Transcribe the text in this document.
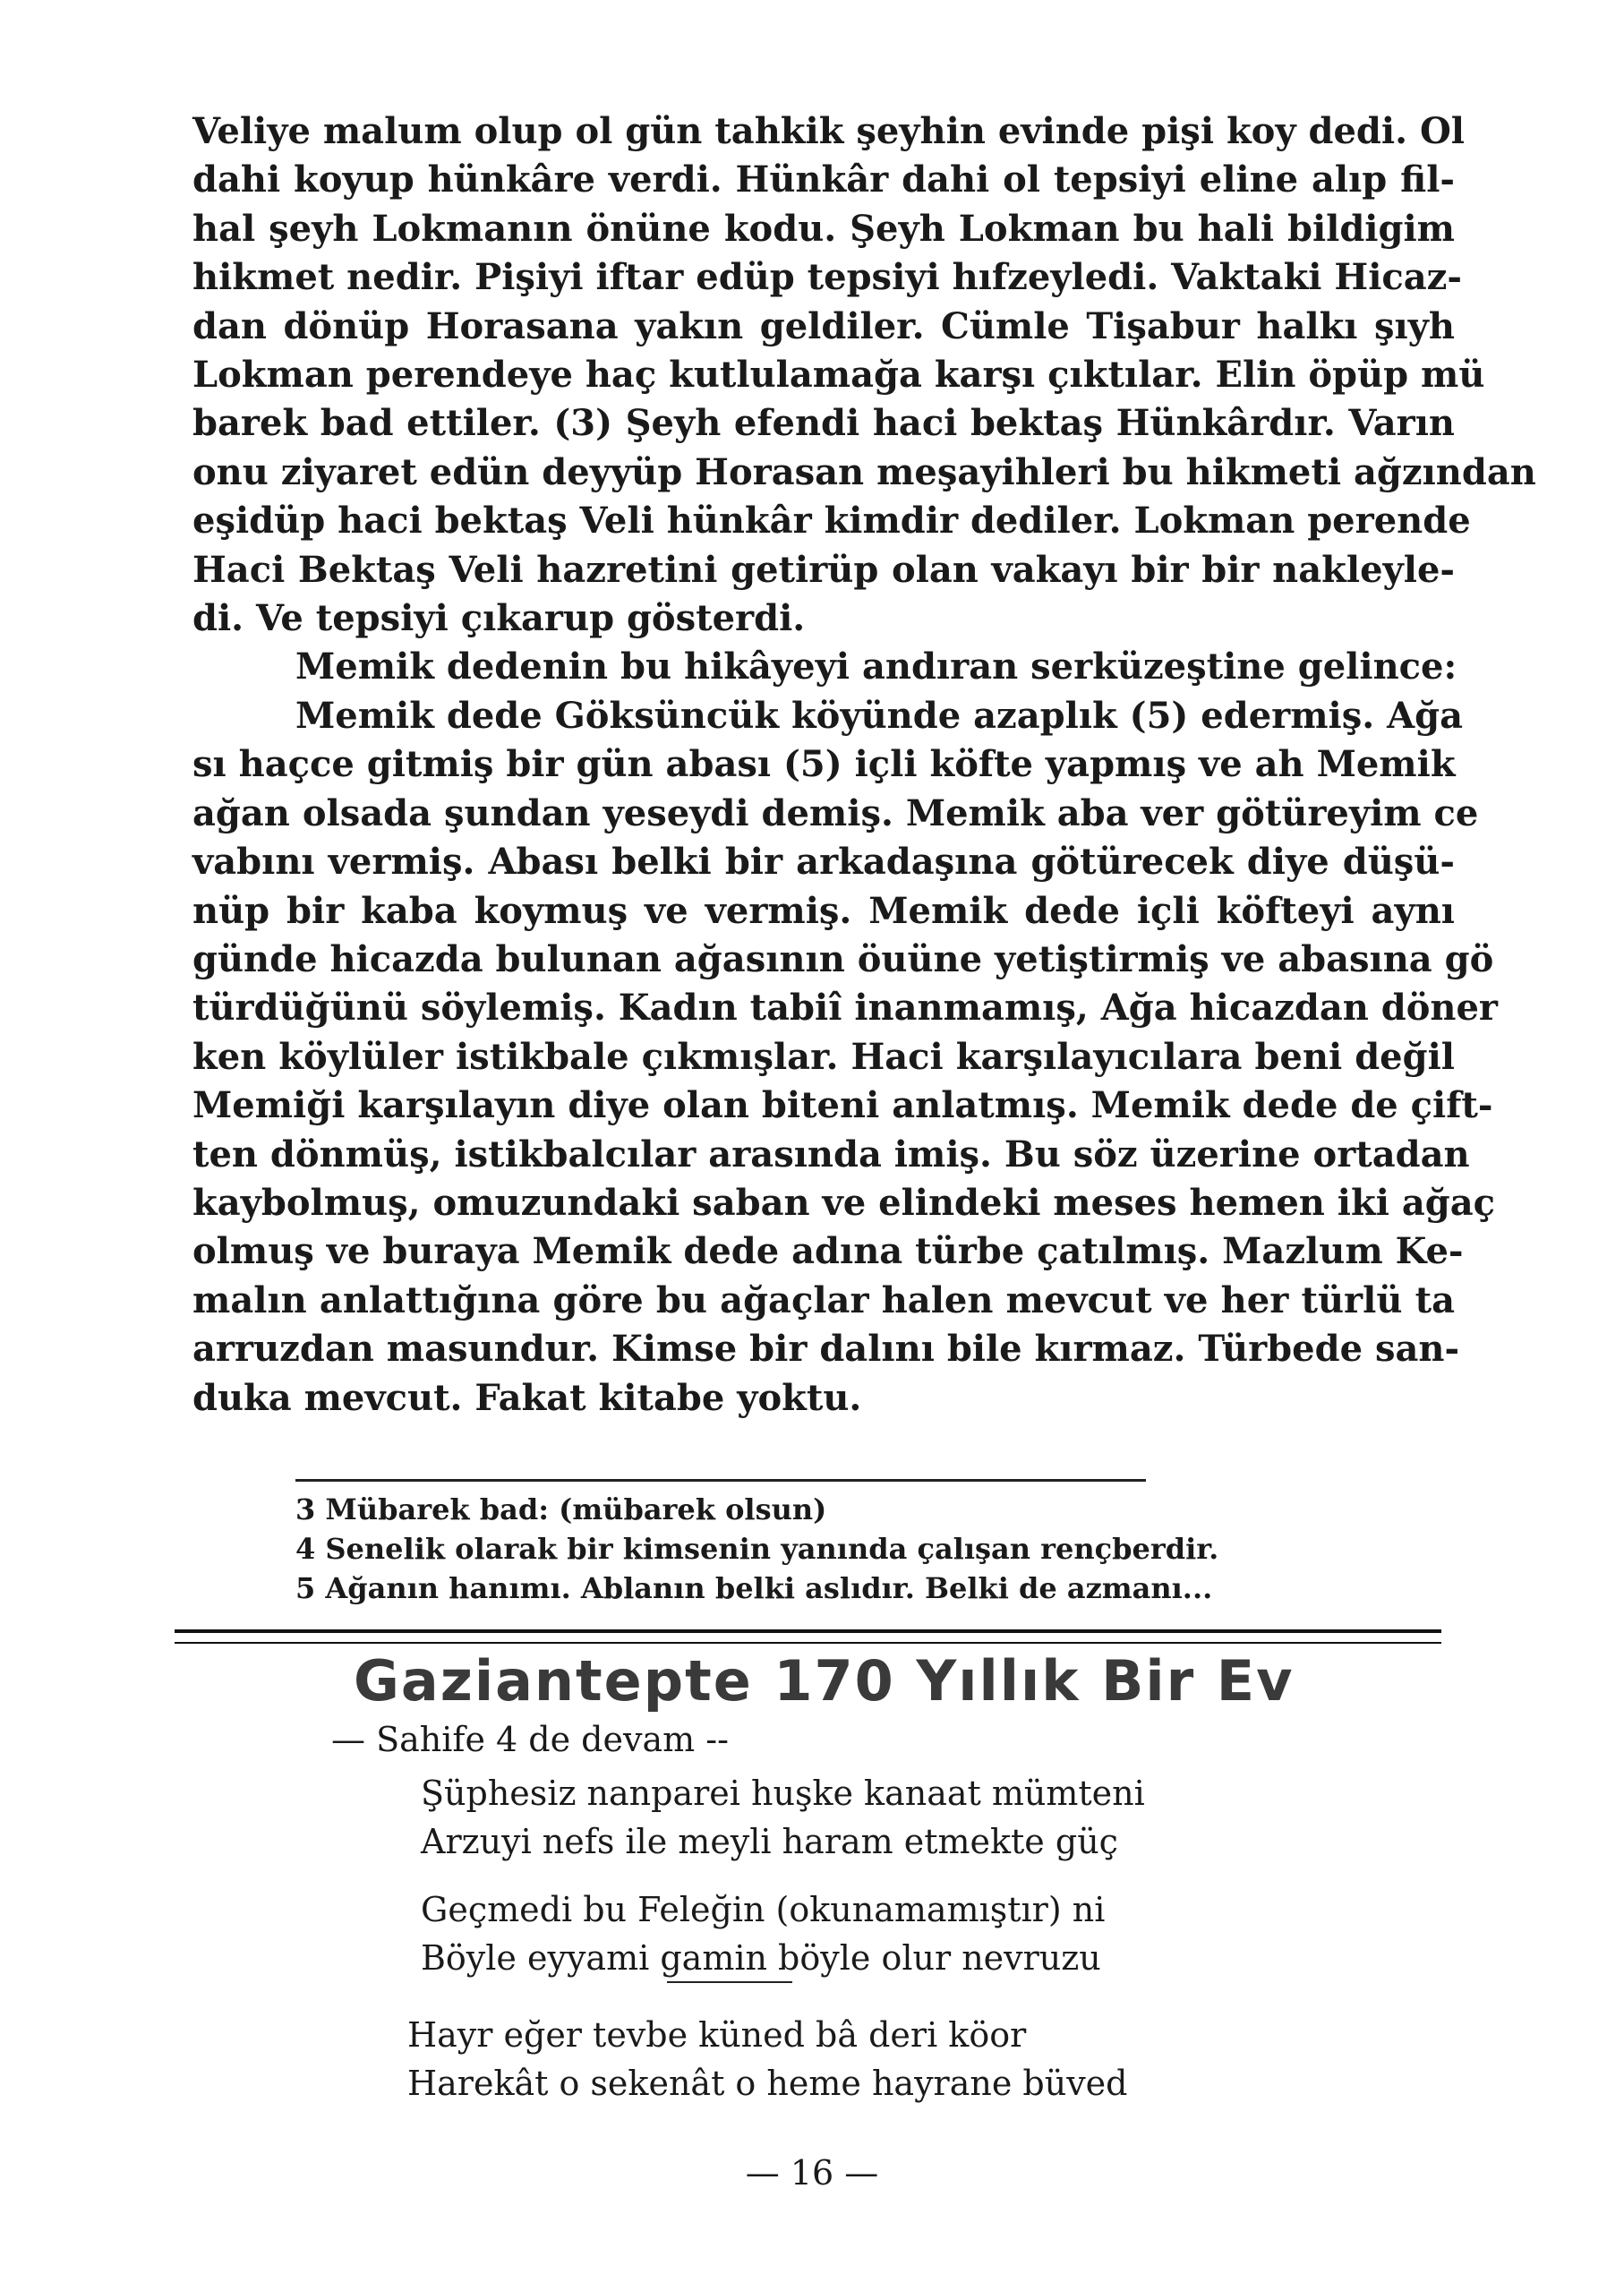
Veliye malum olup ol gün tahkik şeyhin evinde pişi koy dedi. Ol
dahi koyup hünkâre verdi. Hünkâr dahi ol tepsiyi eline alıp fil-
hal şeyh Lokmanın önüne kodu. Şeyh Lokman bu hali bildigim
hikmet nedir. Pişiyi iftar edüp tepsiyi hıfzeyledi. Vaktaki Hicaz-
dan dönüp Horasana yakın geldiler. Cümle Tişabur halkı şıyh
Lokman perendeye haç kutlulamağa karşı çıktılar. Elin öpüp mü
barek bad ettiler. (3) Şeyh efendi haci bektaş Hünkârdır. Varın
onu ziyaret edün deyyüp Horasan meşayihleri bu hikmeti ağzından
eşidüp haci bektaş Veli hünkâr kimdir dediler. Lokman perende
Haci Bektaş Veli hazretini getirüp olan vakayı bir bir nakleyle-
di. Ve tepsiyi çıkarup gösterdi.
Memik dedenin bu hikâyeyi andıran serküzeştine gelince:
Memik dede Göksüncük köyünde azaplık (5) edermiş. Ağa
sı haçce gitmiş bir gün abası (5) içli köfte yapmış ve ah Memik
ağan olsada şundan yeseydi demiş. Memik aba ver götüreyim ce
vabını vermiş. Abası belki bir arkadaşına götürecek diye düşü-
nüp bir kaba koymuş ve vermiş. Memik dede içli köfteyi aynı
günde hicazda bulunan ağasının öuüne yetiştirmiş ve abasına gö
türdüğünü söylemiş. Kadın tabiî inanmamış, Ağa hicazdan döner
ken köylüler istikbale çıkmışlar. Haci karşılayıcılara beni değil
Memiği karşılayın diye olan biteni anlatmış. Memik dede de çift-
ten dönmüş, istikbalcılar arasında imiş. Bu söz üzerine ortadan
kaybolmuş, omuzundaki saban ve elindeki meses hemen iki ağaç
olmuş ve buraya Memik dede adına türbe çatılmış. Mazlum Ke-
malın anlattığına göre bu ağaçlar halen mevcut ve her türlü ta
arruzdan masundur. Kimse bir dalını bile kırmaz. Türbede san-
duka mevcut. Fakat kitabe yoktu.
3 Mübarek bad: (mübarek olsun)
4 Senelik olarak bir kimsenin yanında çalışan rençberdir.
5 Ağanın hanımı. Ablanın belki aslıdır. Belki de azmanı...
Gaziantepte 170 Yıllık Bir Ev
— Sahife 4 de devam --
Şüphesiz nanparei huşke kanaat mümteni
Arzuyi nefs ile meyli haram etmekte güç
Geçmedi bu Feleğin (okunamamıştır) ni
Böyle eyyami gamin böyle olur nevruzu
Hayr eğer tevbe küned bâ deri köor
Harekât o sekenât o heme hayrane büved
— 16 —
